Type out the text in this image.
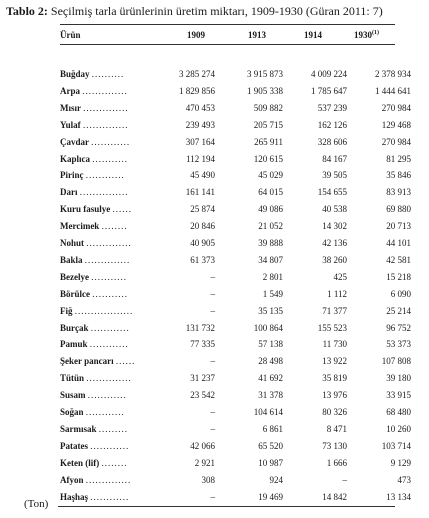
Tablo 2: Seçilmiş tarla ürünlerinin üretim miktarı, 1909-1930 (Güran 2011: 7)
Ürün	1909	1913	1914	1930$^{(1)}$
Buğday ..........	3 285 274	3 915 873	4 009 224	2 378 934
Arpa ..............	1 829 856	1 905 338	1 785 647	1 444 641
Mısır ..............	470 453	509 882	537 239	270 984
Yulaf ..............	239 493	205 715	162 126	129 468
Çavdar ............	307 164	265 911	328 606	270 984
Kaplıca ...........	112 194	120 615	84 167	81 295
Pirinç ............	45 490	45 029	39 505	35 846
Darı ...............	161 141	64 015	154 655	83 913
Kuru fasulye ......	25 874	49 086	40 538	69 880
Mercimek ........	20 846	21 052	14 302	20 713
Nohut ..............	40 905	39 888	42 136	44 101
Bakla ..............	61 373	34 807	38 260	42 581
Bezelye ...........	–	2 801	425	15 218
Börülce ...........	–	1 549	1 112	6 090
Fiğ ..................	–	35 135	71 377	25 214
Burçak ............	131 732	100 864	155 523	96 752
Pamuk ............	77 335	57 138	11 730	53 373
Şeker pancarı ......	–	28 498	13 922	107 808
Tütün ..............	31 237	41 692	35 819	39 180
Susam ............	23 542	31 378	13 976	33 915
Soğan ............	–	104 614	80 326	68 480
Sarmısak .........	–	6 861	8 471	10 260
Patates ............	42 066	65 520	73 130	103 714
Keten (lif) ........	2 921	10 987	1 666	9 129
Afyon ..............	308	924	–	473
Haşhaş ............	–	19 469	14 842	13 134
(Ton)
